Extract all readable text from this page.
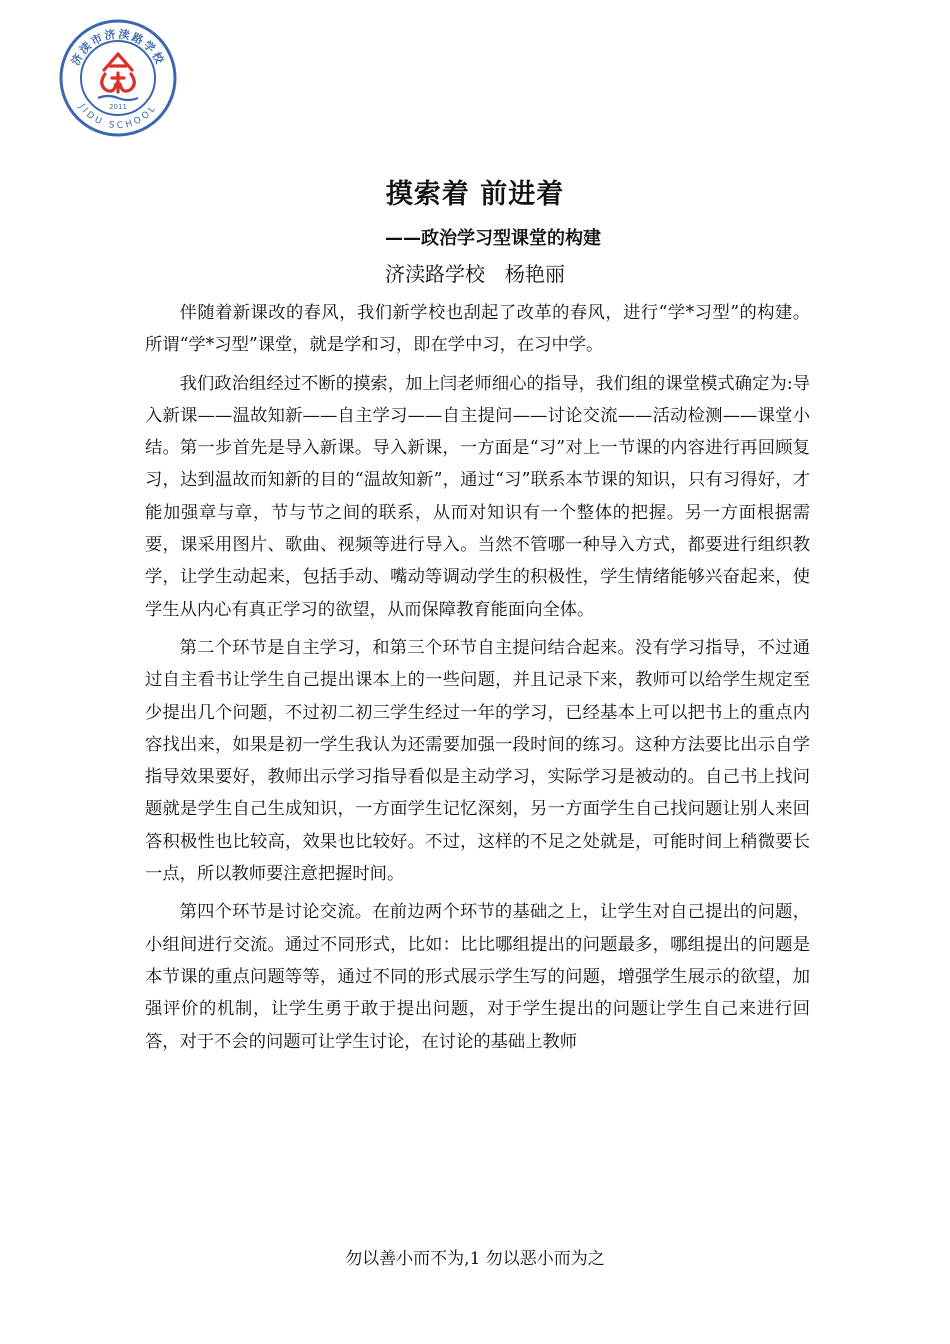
济渎市济渎路学校
JIDU SCHOOL
2011
摸索着 前进着
——政治学习型课堂的构建
济渎路学校　杨艳丽

伴随着新课改的春风，我们新学校也刮起了改革的春风，进行“学*习型”的构建。所谓“学*习型”课堂，就是学和习，即在学中习，在习中学。

我们政治组经过不断的摸索，加上闫老师细心的指导，我们组的课堂模式确定为:导入新课——温故知新——自主学习——自主提问——讨论交流——活动检测——课堂小结。第一步首先是导入新课。导入新课，一方面是“习”对上一节课的内容进行再回顾复习，达到温故而知新的目的“温故知新”，通过“习”联系本节课的知识，只有习得好，才能加强章与章，节与节之间的联系，从而对知识有一个整体的把握。另一方面根据需要，课采用图片、歌曲、视频等进行导入。当然不管哪一种导入方式，都要进行组织教学，让学生动起来，包括手动、嘴动等调动学生的积极性，学生情绪能够兴奋起来，使学生从内心有真正学习的欲望，从而保障教育能面向全体。

第二个环节是自主学习，和第三个环节自主提问结合起来。没有学习指导，不过通过自主看书让学生自己提出课本上的一些问题，并且记录下来，教师可以给学生规定至少提出几个问题，不过初二初三学生经过一年的学习，已经基本上可以把书上的重点内容找出来，如果是初一学生我认为还需要加强一段时间的练习。这种方法要比出示自学指导效果要好，教师出示学习指导看似是主动学习，实际学习是被动的。自己书上找问题就是学生自己生成知识，一方面学生记忆深刻，另一方面学生自己找问题让别人来回答积极性也比较高，效果也比较好。不过，这样的不足之处就是，可能时间上稍微要长一点，所以教师要注意把握时间。

第四个环节是讨论交流。在前边两个环节的基础之上，让学生对自己提出的问题，小组间进行交流。通过不同形式，比如：比比哪组提出的问题最多，哪组提出的问题是本节课的重点问题等等，通过不同的形式展示学生写的问题，增强学生展示的欲望，加强评价的机制，让学生勇于敢于提出问题，对于学生提出的问题让学生自己来进行回答，对于不会的问题可让学生讨论，在讨论的基础上教师

勿以善小而不为,1 勿以恶小而为之
